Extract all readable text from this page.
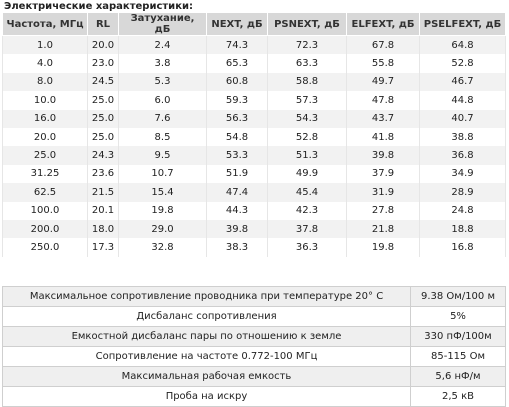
Электрические характеристики:
Частота, МГц	RL	Затухание, дБ	NEXT, дБ	PSNEXT, дБ	ELFEXT, дБ	PSELFEXT, дБ
1.0	20.0	2.4	74.3	72.3	67.8	64.8
4.0	23.0	3.8	65.3	63.3	55.8	52.8
8.0	24.5	5.3	60.8	58.8	49.7	46.7
10.0	25.0	6.0	59.3	57.3	47.8	44.8
16.0	25.0	7.6	56.3	54.3	43.7	40.7
20.0	25.0	8.5	54.8	52.8	41.8	38.8
25.0	24.3	9.5	53.3	51.3	39.8	36.8
31.25	23.6	10.7	51.9	49.9	37.9	34.9
62.5	21.5	15.4	47.4	45.4	31.9	28.9
100.0	20.1	19.8	44.3	42.3	27.8	24.8
200.0	18.0	29.0	39.8	37.8	21.8	18.8
250.0	17.3	32.8	38.3	36.3	19.8	16.8
Максимальное сопротивление проводника при температуре 20° С	9.38 Ом/100 м
Дисбаланс сопротивления	5%
Емкостной дисбаланс пары по отношению к земле	330 пФ/100м
Сопротивление на частоте 0.772-100 МГц	85-115 Ом
Максимальная рабочая емкость	5,6 нФ/м
Проба на искру	2,5 кВ
